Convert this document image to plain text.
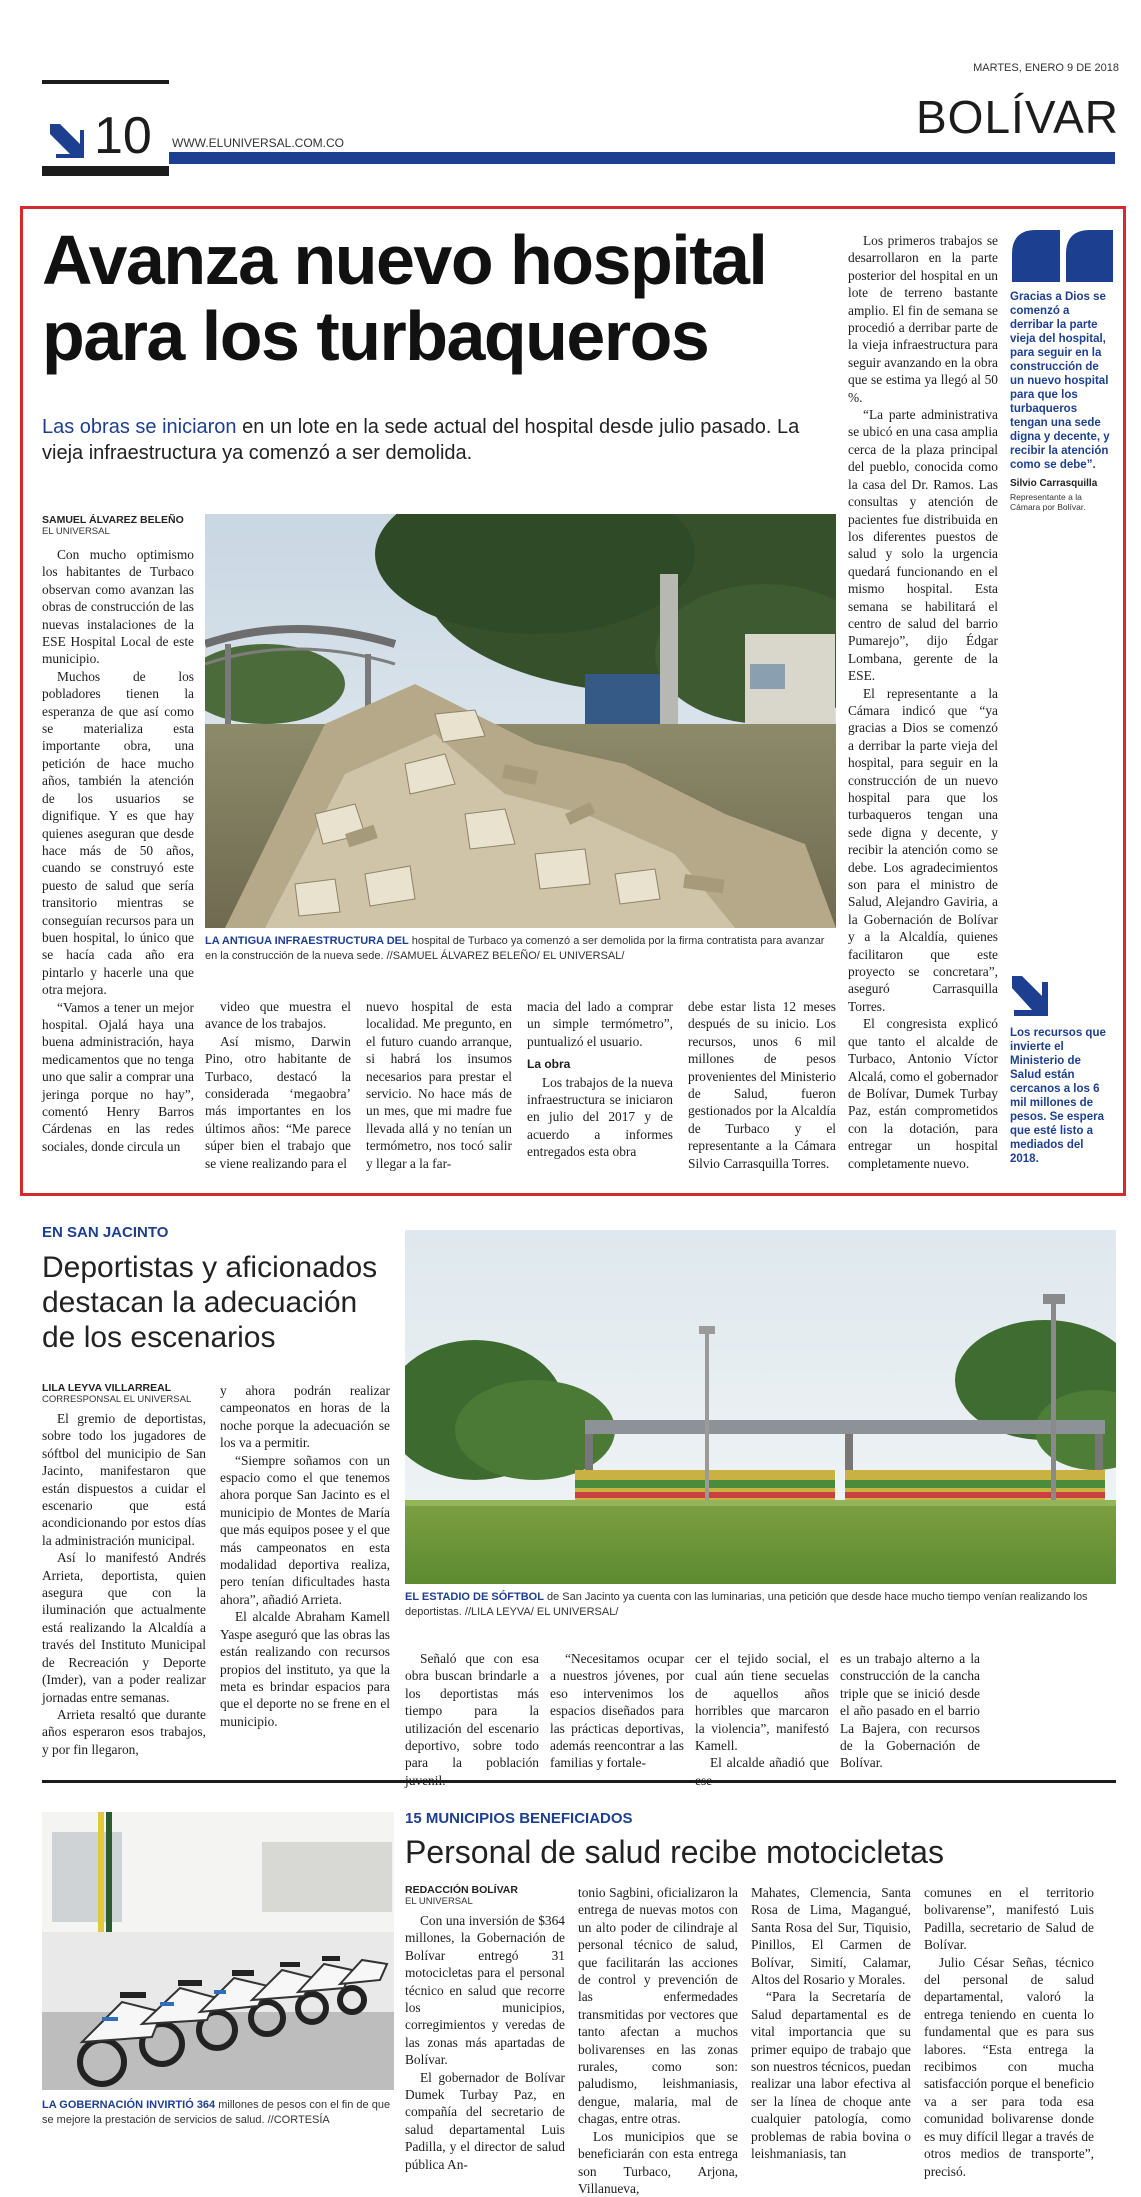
MARTES, ENERO 9 DE 2018
10 WWW.ELUNIVERSAL.COM.CO	BOLÍVAR
Avanza nuevo hospital para los turbaqueros

Las obras se iniciaron en un lote en la sede actual del hospital desde julio pasado. La vieja infraestructura ya comenzó a ser demolida.

SAMUEL ÁLVAREZ BELEÑO
EL UNIVERSAL

Con mucho optimismo los habitantes de Turbaco observan como avanzan las obras de construcción de las nuevas instalaciones de la ESE Hospital Local de este municipio.

Muchos de los pobladores tienen la esperanza de que así como se materializa esta importante obra, una petición de hace mucho años, también la atención de los usuarios se dignifique. Y es que hay quienes aseguran que desde hace más de 50 años, cuando se construyó este puesto de salud que sería transitorio mientras se conseguían recursos para un buen hospital, lo único que se hacía cada año era pintarlo y hacerle una que otra mejora.

“Vamos a tener un mejor hospital. Ojalá haya una buena administración, haya medicamentos que no tenga uno que salir a comprar una jeringa porque no hay”, comentó Henry Barros Cárdenas en las redes sociales, donde circula un

LA ANTIGUA INFRAESTRUCTURA DEL hospital de Turbaco ya comenzó a ser demolida por la firma contratista para avanzar en la construcción de la nueva sede. //SAMUEL ÁLVAREZ BELEÑO/ EL UNIVERSAL/

video que muestra el avance de los trabajos.

Así mismo, Darwin Pino, otro habitante de Turbaco, destacó la considerada ‘megaobra’ más importantes en los últimos años: “Me parece súper bien el trabajo que se viene realizando para el

nuevo hospital de esta localidad. Me pregunto, en el futuro cuando arranque, si habrá los insumos necesarios para prestar el servicio. No hace más de un mes, que mi madre fue llevada allá y no tenían un termómetro, nos tocó salir y llegar a la far-

macia del lado a comprar un simple termómetro”, puntualizó el usuario.

La obra

Los trabajos de la nueva infraestructura se iniciaron en julio del 2017 y de acuerdo a informes entregados esta obra

debe estar lista 12 meses después de su inicio. Los recursos, unos 6 mil millones de pesos provenientes del Ministerio de Salud, fueron gestionados por la Alcaldía de Turbaco y el representante a la Cámara Silvio Carrasquilla Torres.

Los primeros trabajos se desarrollaron en la parte posterior del hospital en un lote de terreno bastante amplio. El fin de semana se procedió a derribar parte de la vieja infraestructura para seguir avanzando en la obra que se estima ya llegó al 50 %.

“La parte administrativa se ubicó en una casa amplia cerca de la plaza principal del pueblo, conocida como la casa del Dr. Ramos. Las consultas y atención de pacientes fue distribuida en los diferentes puestos de salud y solo la urgencia quedará funcionando en el mismo hospital. Esta semana se habilitará el centro de salud del barrio Pumarejo”, dijo Édgar Lombana, gerente de la ESE.

El representante a la Cámara indicó que “ya gracias a Dios se comenzó a derribar la parte vieja del hospital, para seguir en la construcción de un nuevo hospital para que los turbaqueros tengan una sede digna y decente, y recibir la atención como se debe. Los agradecimientos son para el ministro de Salud, Alejandro Gaviria, a la Gobernación de Bolívar y a la Alcaldía, quienes facilitaron que este proyecto se concretara”, aseguró Carrasquilla Torres.

El congresista explicó que tanto el alcalde de Turbaco, Antonio Víctor Alcalá, como el gobernador de Bolívar, Dumek Turbay Paz, están comprometidos con la dotación, para entregar un hospital completamente nuevo.

Gracias a Dios se comenzó a derribar la parte vieja del hospital, para seguir en la construcción de un nuevo hospital para que los turbaqueros tengan una sede digna y decente, y recibir la atención como se debe”.
Silvio Carrasquilla
Representante a la Cámara por Bolívar.
Los recursos que invierte el Ministerio de Salud están cercanos a los 6 mil millones de pesos. Se espera que esté listo a mediados del 2018.
EN SAN JACINTO
Deportistas y aficionados destacan la adecuación de los escenarios
LILA LEYVA VILLARREAL
CORRESPONSAL EL UNIVERSAL

El gremio de deportistas, sobre todo los jugadores de sóftbol del municipio de San Jacinto, manifestaron que están dispuestos a cuidar el escenario que está acondicionando por estos días la administración municipal.

Así lo manifestó Andrés Arrieta, deportista, quien asegura que con la iluminación que actualmente está realizando la Alcaldía a través del Instituto Municipal de Recreación y Deporte (Imder), van a poder realizar jornadas entre semanas.

Arrieta resaltó que durante años esperaron esos trabajos, y por fin llegaron,

y ahora podrán realizar campeonatos en horas de la noche porque la adecuación se los va a permitir.

“Siempre soñamos con un espacio como el que tenemos ahora porque San Jacinto es el municipio de Montes de María que más equipos posee y el que más campeonatos en esta modalidad deportiva realiza, pero tenían dificultades hasta ahora”, añadió Arrieta.

El alcalde Abraham Kamell Yaspe aseguró que las obras las están realizando con recursos propios del instituto, ya que la meta es brindar espacios para que el deporte no se frene en el municipio.

EL ESTADIO DE SÓFTBOL de San Jacinto ya cuenta con las luminarias, una petición que desde hace mucho tiempo venían realizando los deportistas. //LILA LEYVA/ EL UNIVERSAL/

Señaló que con esa obra buscan brindarle a los deportistas más tiempo para la utilización del escenario deportivo, sobre todo para la población

“Necesitamos ocupar a nuestros jóvenes, por eso intervenimos los espacios diseñados para las prácticas deportivas, además reencontrar a las familias y fortale-

cer el tejido social, el cual aún tiene secuelas de aquellos años horribles que marcaron la violencia”, manifestó Kamell.

El alcalde añadió que

es un trabajo alterno a la construcción de la cancha triple que se inició desde el año pasado en el barrio La Bajera, con recursos de la Gobernación de Bolívar.

LA GOBERNACIÓN INVIRTIÓ 364 millones de pesos con el fin de que se mejore la prestación de servicios de salud. //CORTESÍA
15 MUNICIPIOS BENEFICIADOS
Personal de salud recibe motocicletas
REDACCIÓN BOLÍVAR
EL UNIVERSAL

Con una inversión de $364 millones, la Gobernación de Bolívar entregó 31 motocicletas para el personal técnico en salud que recorre los municipios, corregimientos y veredas de las zonas más apartadas de Bolívar.

El gobernador de Bolívar Dumek Turbay Paz, en compañía del secretario de salud departamental Luis Padilla, y el director de salud pública An-

tonio Sagbini, oficializaron la entrega de nuevas motos con un alto poder de cilindraje al personal técnico de salud, que facilitarán las acciones de control y prevención de las enfermedades transmitidas por vectores que tanto afectan a muchos bolivarenses en las zonas rurales, como son: paludismo, leishmaniasis, dengue, malaria, mal de chagas, entre otras.

Los municipios que se beneficiarán con esta entrega son Turbaco, Arjona, Villanueva,

Mahates, Clemencia, Santa Rosa de Lima, Magangué, Santa Rosa del Sur, Tiquisio, Pinillos, El Carmen de Bolívar, Simití, Calamar, Altos del Rosario y Morales.

“Para la Secretaría de Salud departamental es de vital importancia que su primer equipo de trabajo que son nuestros técnicos, puedan realizar una labor efectiva al ser la línea de choque ante cualquier patología, como problemas de rabia bovina o leishmaniasis, tan

comunes en el territorio bolivarense”, manifestó Luis Padilla, secretario de Salud de Bolívar.

Julio César Señas, técnico del personal de salud departamental, valoró la entrega teniendo en cuenta lo fundamental que es para sus labores. “Esta entrega la recibimos con mucha satisfacción porque el beneficio va a ser para toda esa comunidad bolivarense donde es muy difícil llegar a través de otros medios de transporte”, precisó.
